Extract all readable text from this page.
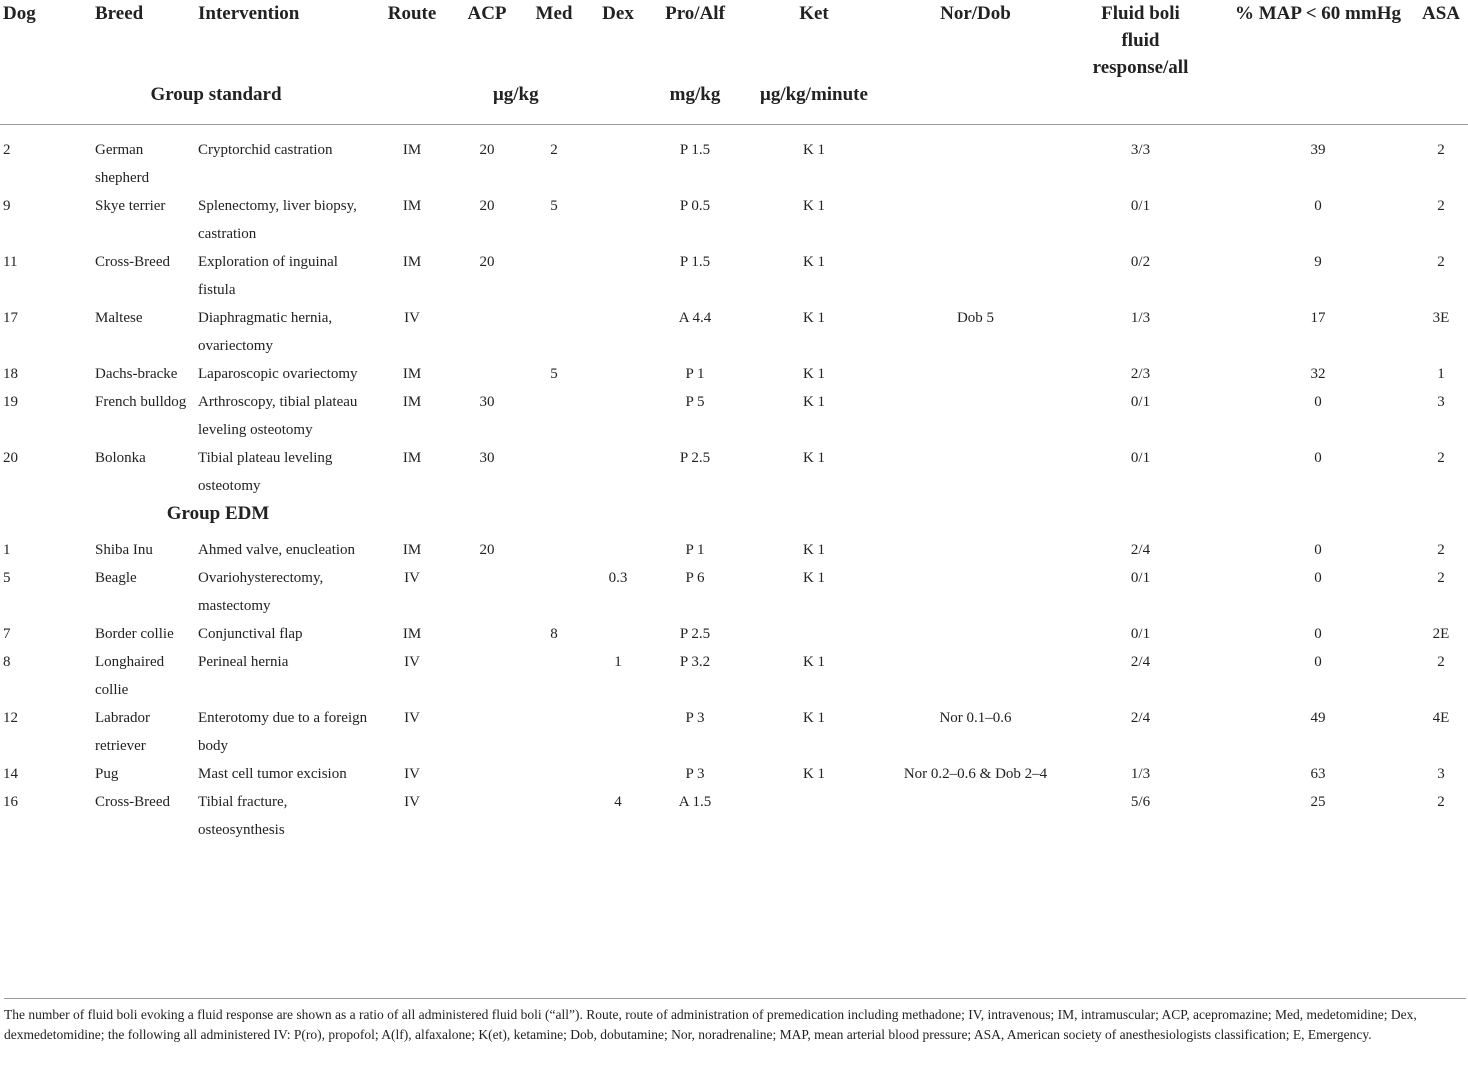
Dog	Breed	Intervention	Route	ACP	Med	Dex	Pro/Alf	Ket	Nor/Dob	Fluid boli fluid response/all	% MAP < 60 mmHg	ASA
Group standard				μg/kg			mg/kg	μg/kg/minute				

2	German shepherd	Cryptorchid castration	IM	20	2		P 1.5	K 1		3/3	39	2
9	Skye terrier	Splenectomy, liver biopsy, castration	IM	20	5		P 0.5	K 1		0/1	0	2
11	Cross-Breed	Exploration of inguinal fistula	IM	20			P 1.5	K 1		0/2	9	2
17	Maltese	Diaphragmatic hernia, ovariectomy	IV				A 4.4	K 1	Dob 5	1/3	17	3E
18	Dachs-bracke	Laparoscopic ovariectomy	IM		5		P 1	K 1		2/3	32	1
19	French bulldog	Arthroscopy, tibial plateau leveling osteotomy	IM	30			P 5	K 1		0/1	0	3
20	Bolonka	Tibial plateau leveling osteotomy	IM	30			P 2.5	K 1		0/1	0	2
Group EDM												
1	Shiba Inu	Ahmed valve, enucleation	IM	20			P 1	K 1		2/4	0	2
5	Beagle	Ovariohysterectomy, mastectomy	IV			0.3	P 6	K 1		0/1	0	2
7	Border collie	Conjunctival flap	IM		8		P 2.5			0/1	0	2E
8	Longhaired collie	Perineal hernia	IV			1	P 3.2	K 1		2/4	0	2
12	Labrador retriever	Enterotomy due to a foreign body	IV				P 3	K 1	Nor 0.1–0.6	2/4	49	4E
14	Pug	Mast cell tumor excision	IV				P 3	K 1	Nor 0.2–0.6 & Dob 2–4	1/3	63	3
16	Cross-Breed	Tibial fracture, osteosynthesis	IV			4	A 1.5			5/6	25	2
The number of fluid boli evoking a fluid response are shown as a ratio of all administered fluid boli (“all”). Route, route of administration of premedication including methadone; IV, intravenous; IM, intramuscular; ACP, acepromazine; Med, medetomidine; Dex, dexmedetomidine; the following all administered IV: P(ro), propofol; A(lf), alfaxalone; K(et), ketamine; Dob, dobutamine; Nor, noradrenaline; MAP, mean arterial blood pressure; ASA, American society of anesthesiologists classification; E, Emergency.
